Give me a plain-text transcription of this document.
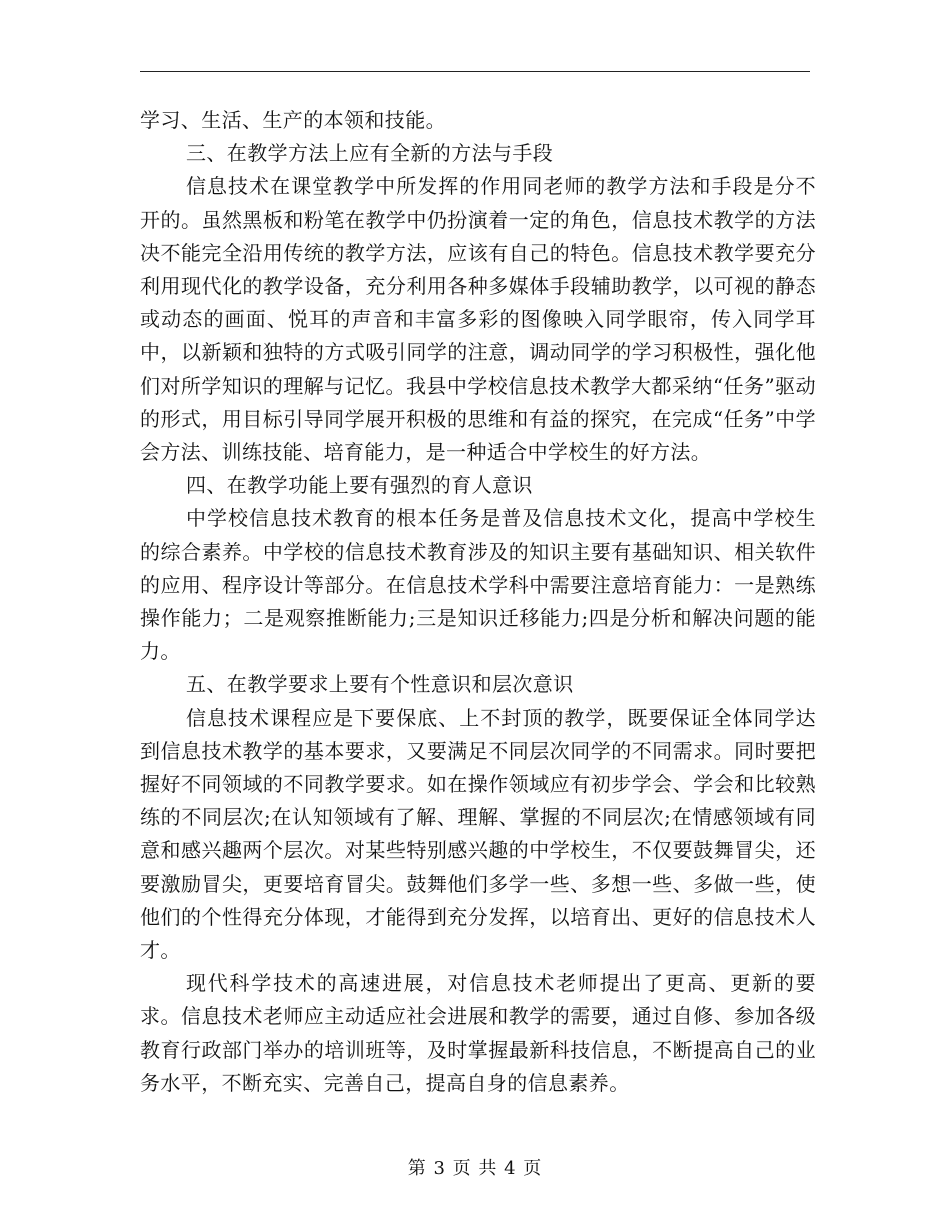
学习、生活、生产的本领和技能。

三、在教学方法上应有全新的方法与手段

信息技术在课堂教学中所发挥的作用同老师的教学方法和手段是分不开的。虽然黑板和粉笔在教学中仍扮演着一定的角色，信息技术教学的方法决不能完全沿用传统的教学方法，应该有自己的特色。信息技术教学要充分利用现代化的教学设备，充分利用各种多媒体手段辅助教学，以可视的静态或动态的画面、悦耳的声音和丰富多彩的图像映入同学眼帘，传入同学耳中，以新颖和独特的方式吸引同学的注意，调动同学的学习积极性，强化他们对所学知识的理解与记忆。我县中学校信息技术教学大都采纳“任务”驱动的形式，用目标引导同学展开积极的思维和有益的探究，在完成“任务”中学会方法、训练技能、培育能力，是一种适合中学校生的好方法。

四、在教学功能上要有强烈的育人意识

中学校信息技术教育的根本任务是普及信息技术文化，提高中学校生的综合素养。中学校的信息技术教育涉及的知识主要有基础知识、相关软件的应用、程序设计等部分。在信息技术学科中需要注意培育能力：一是熟练操作能力；二是观察推断能力;三是知识迁移能力;四是分析和解决问题的能力。

五、在教学要求上要有个性意识和层次意识

信息技术课程应是下要保底、上不封顶的教学，既要保证全体同学达到信息技术教学的基本要求，又要满足不同层次同学的不同需求。同时要把握好不同领域的不同教学要求。如在操作领域应有初步学会、学会和比较熟练的不同层次;在认知领域有了解、理解、掌握的不同层次;在情感领域有同意和感兴趣两个层次。对某些特别感兴趣的中学校生，不仅要鼓舞冒尖，还要激励冒尖，更要培育冒尖。鼓舞他们多学一些、多想一些、多做一些，使他们的个性得充分体现，才能得到充分发挥，以培育出、更好的信息技术人才。

现代科学技术的高速进展，对信息技术老师提出了更高、更新的要求。信息技术老师应主动适应社会进展和教学的需要，通过自修、参加各级教育行政部门举办的培训班等，及时掌握最新科技信息，不断提高自己的业务水平，不断充实、完善自己，提高自身的信息素养。

第 3 页 共 4 页
